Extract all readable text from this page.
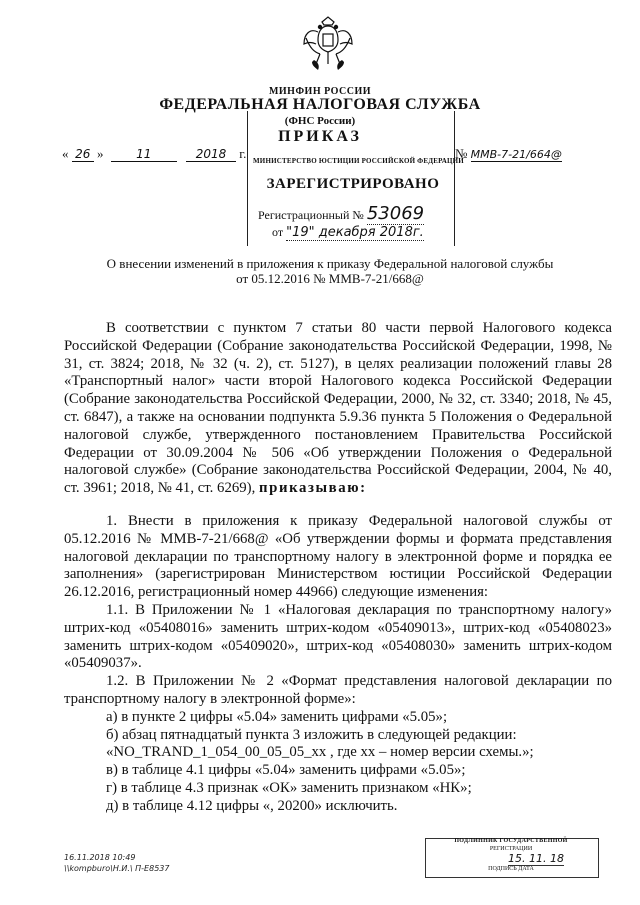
МИНФИН РОССИИ
ФЕДЕРАЛЬНАЯ НАЛОГОВАЯ СЛУЖБА
(ФНС России)
ПРИКАЗ
МИНИСТЕРСТВО ЮСТИЦИИ РОССИЙСКОЙ ФЕДЕРАЦИИ
ЗАРЕГИСТРИРОВАНО
Регистрационный № 53069
от "19" декабря 2018г.
« 26 »	11	2018 г.	№ ММВ-7-21/664@
О внесении изменений в приложения к приказу Федеральной налоговой службы
от 05.12.2016 № ММВ-7-21/668@

В соответствии с пунктом 7 статьи 80 части первой Налогового кодекса Российской Федерации (Собрание законодательства Российской Федерации, 1998, № 31, ст. 3824; 2018, № 32 (ч. 2), ст. 5127), в целях реализации положений главы 28 «Транспортный налог» части второй Налогового кодекса Российской Федерации (Собрание законодательства Российской Федерации, 2000, № 32, ст. 3340; 2018, № 45, ст. 6847), а также на основании подпункта 5.9.36 пункта 5 Положения о Федеральной налоговой службе, утвержденного постановлением Правительства Российской Федерации от 30.09.2004 № 506 «Об утверждении Положения о Федеральной налоговой службе» (Собрание законодательства Российской Федерации, 2004, № 40, ст. 3961; 2018, № 41, ст. 6269), приказываю:

1. Внести в приложения к приказу Федеральной налоговой службы от 05.12.2016 № ММВ-7-21/668@ «Об утверждении формы и формата представления налоговой декларации по транспортному налогу в электронной форме и порядка ее заполнения» (зарегистрирован Министерством юстиции Российской Федерации 26.12.2016, регистрационный номер 44966) следующие изменения:

1.1. В Приложении № 1 «Налоговая декларация по транспортному налогу» штрих-код «05408016» заменить штрих-кодом «05409013», штрих-код «05408023» заменить штрих-кодом «05409020», штрих-код «05408030» заменить штрих-кодом «05409037».

1.2. В Приложении № 2 «Формат представления налоговой декларации по транспортному налогу в электронной форме»:

а) в пункте 2 цифры «5.04» заменить цифрами «5.05»;

б) абзац пятнадцатый пункта 3 изложить в следующей редакции:

«NO_TRAND_1_054_00_05_05_xx , где xx – номер версии схемы.»;

в) в таблице 4.1 цифры «5.04» заменить цифрами «5.05»;

г) в таблице 4.3 признак «ОК» заменить признаком «НК»;

д) в таблице 4.12 цифры «, 20200» исключить.

16.11.2018 10:49
\\kompburo\Н.И.\ П-Е8537
ПОДЛИННИК ГОСУДАРСТВЕННОЙ
РЕГИСТРАЦИИ
15. 11. 18
ПОДПИСЬ ДАТА
